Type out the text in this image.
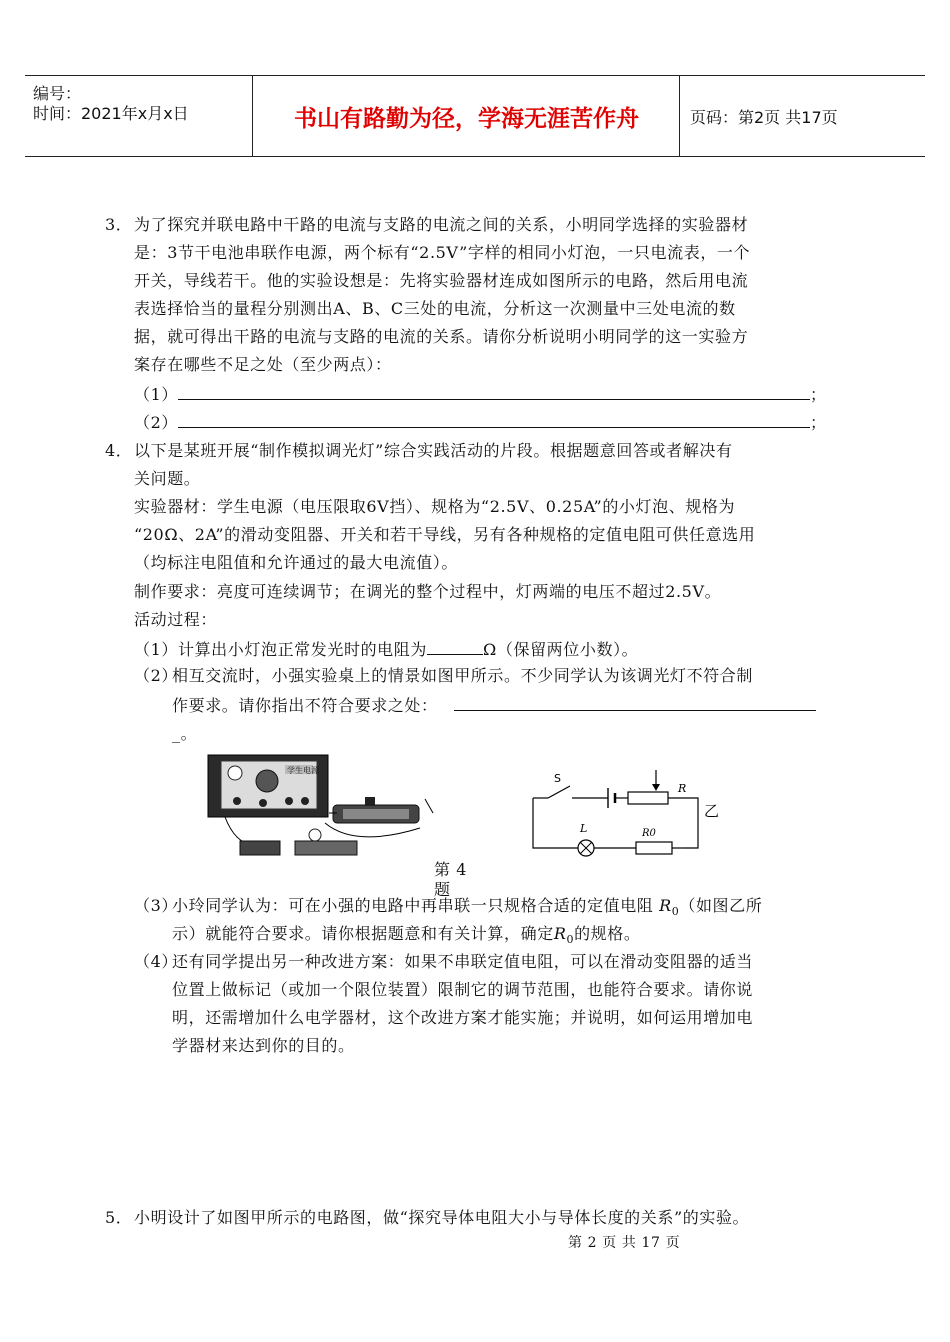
编号：
时间：2021年x月x日	书山有路勤为径，学海无涯苦作舟	页码：第2页 共17页
3． 为了探究并联电路中干路的电流与支路的电流之间的关系，小明同学选择的实验器材
是：3节干电池串联作电源，两个标有“2.5V”字样的相同小灯泡，一只电流表，一个
开关，导线若干。他的实验设想是：先将实验器材连成如图所示的电路，然后用电流
表选择恰当的量程分别测出A、B、C三处的电流，分析这一次测量中三处电流的数
据，就可得出干路的电流与支路的电流的关系。请你分析说明小明同学的这一实验方
案存在哪些不足之处（至少两点）：
（1）	；
（2）	；
4． 以下是某班开展“制作模拟调光灯”综合实践活动的片段。根据题意回答或者解决有
关问题。
实验器材：学生电源（电压限取6V挡）、规格为“2.5V、0.25A”的小灯泡、规格为
“20Ω、2A”的滑动变阻器、开关和若干导线，另有各种规格的定值电阻可供任意选用
（均标注电阻值和允许通过的最大电流值）。
制作要求：亮度可连续调节；在调光的整个过程中，灯两端的电压不超过2.5V。
活动过程：
（1）计算出小灯泡正常发光时的电阻为	Ω（保留两位小数）。
（2）
相互交流时，小强实验桌上的情景如图甲所示。不少同学认为该调光灯不符合制
作要求。请你指出不符合要求之处：
_。
学生电源
第 4
题
S
R
乙
L	R0
（3）
小玲同学认为：可在小强的电路中再串联一只规格合适的定值电阻 $R_0$（如图乙所
示）就能符合要求。请你根据题意和有关计算，确定$R_0$的规格。
（4）
还有同学提出另一种改进方案：如果不串联定值电阻，可以在滑动变阻器的适当
位置上做标记（或加一个限位装置）限制它的调节范围，也能符合要求。请你说
明，还需增加什么电学器材，这个改进方案才能实施；并说明，如何运用增加电
学器材来达到你的目的。
5． 小明设计了如图甲所示的电路图，做“探究导体电阻大小与导体长度的关系”的实验。
第 2 页 共 17 页
